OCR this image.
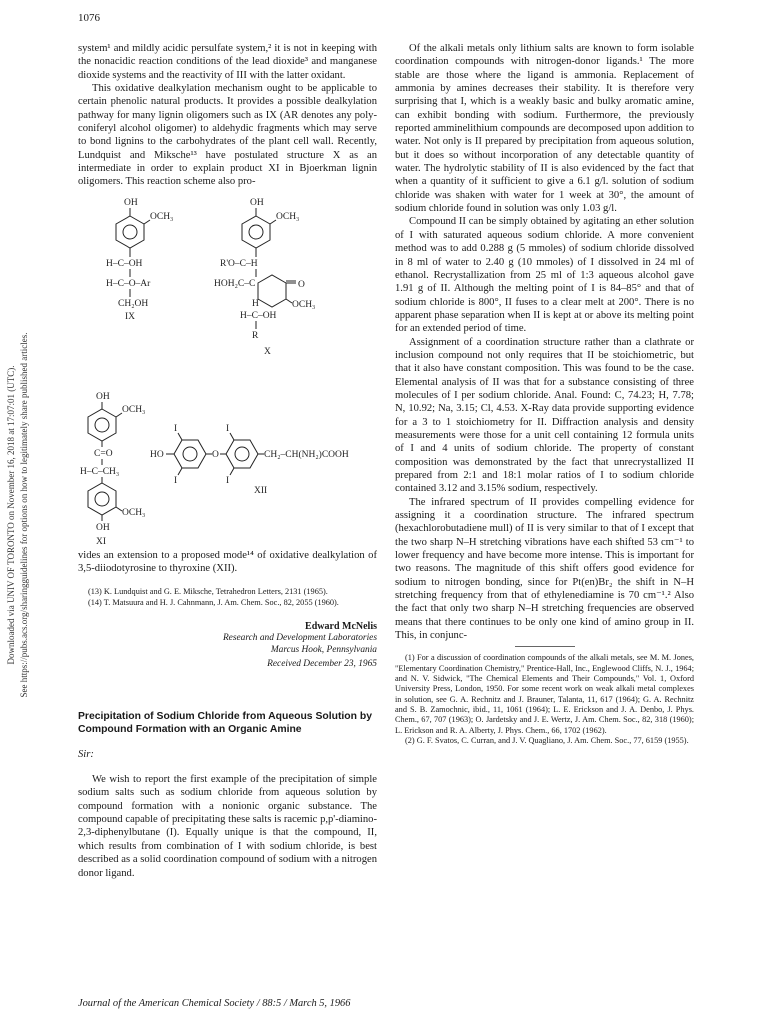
1076
Downloaded via UNIV OF TORONTO on November 16, 2018 at 17:07:01 (UTC). See https://pubs.acs.org/sharingguidelines for options on how to legitimately share published articles.

system¹ and mildly acidic persulfate system,² it is not in keeping with the nonacidic reaction conditions of the lead dioxide³ and manganese dioxide systems and the reactivity of III with the latter oxidant.

This oxidative dealkylation mechanism ought to be applicable to certain phenolic natural products. It provides a possible dealkylation pathway for many lignin oligomers such as IX (AR denotes any poly-coniferyl alcohol oligomer) to aldehydic fragments which may serve to bond lignins to the carbohydrates of the plant cell wall. Recently, Lundquist and Miksche¹³ have postulated structure X as an intermediate in order to explain product XI in Bjoerkman lignin oligomers. This reaction scheme also pro-

OH
OCH₃
H–C–OH
H–C–O–Ar
CH₂OH
IX
OH
OCH₃
R'O–C–H
HOH₂C–C	O
H	OCH₃
H–C–OH
R
X
OH
OCH₃
C=O
H–C–CH₃
OCH₃
OH
XI
HO
I
I
O
I
I
CH₂–CH(NH₂)COOH
XII

vides an extension to a proposed mode¹⁴ of oxidative dealkylation of 3,5-diiodotyrosine to thyroxine (XII).

(13) K. Lundquist and G. E. Miksche, Tetrahedron Letters, 2131 (1965).

(14) T. Matsuura and H. J. Cahnmann, J. Am. Chem. Soc., 82, 2055 (1960).

Edward McNelis
Research and Development Laboratories
Marcus Hook, Pennsylvania
Received December 23, 1965
Precipitation of Sodium Chloride from Aqueous Solution by Compound Formation with an Organic Amine
Sir:

We wish to report the first example of the precipitation of simple sodium salts such as sodium chloride from aqueous solution by compound formation with a nonionic organic substance. The compound capable of precipitating these salts is racemic p,p'-diamino-2,3-diphenylbutane (I). Equally unique is that the compound, II, which results from combination of I with sodium chloride, is best described as a solid coordination compound of sodium with a nitrogen donor ligand.

Of the alkali metals only lithium salts are known to form isolable coordination compounds with nitrogen-donor ligands.¹ The more stable are those where the ligand is ammonia. Replacement of ammonia by amines decreases their stability. It is therefore very surprising that I, which is a weakly basic and bulky aromatic amine, can exhibit bonding with sodium. Furthermore, the previously reported amminelithium compounds are decomposed upon addition to water. Not only is II prepared by precipitation from aqueous solution, but it does so without incorporation of any detectable quantity of water. The hydrolytic stability of II is also evidenced by the fact that when a quantity of it sufficient to give a 6.1 g/l. solution of sodium chloride was shaken with water for 1 week at 30°, the amount of sodium chloride found in solution was only 1.03 g/l.

Compound II can be simply obtained by agitating an ether solution of I with saturated aqueous sodium chloride. A more convenient method was to add 0.288 g (5 mmoles) of sodium chloride dissolved in 8 ml of water to 2.40 g (10 mmoles) of I dissolved in 24 ml of ethanol. Recrystallization from 25 ml of 1:3 aqueous alcohol gave 1.91 g of II. Although the melting point of I is 84–85° and that of sodium chloride is 800°, II fuses to a clear melt at 200°. There is no apparent phase separation when II is kept at or above its melting point for an extended period of time.

Assignment of a coordination structure rather than a clathrate or inclusion compound not only requires that II be stoichiometric, but that it also have constant composition. This was found to be the case. Elemental analysis of II was that for a substance consisting of three molecules of I per sodium chloride. Anal. Found: C, 74.23; H, 7.78; N, 10.92; Na, 3.15; Cl, 4.53. X-Ray data provide supporting evidence for a 3 to 1 stoichiometry for II. Diffraction analysis and density measurements were those for a unit cell containing 12 formula units of I and 4 units of sodium chloride. The property of constant composition was demonstrated by the fact that unrecrystallized II prepared from 2:1 and 18:1 molar ratios of I to sodium chloride contained 3.12 and 3.15% sodium, respectively.

The infrared spectrum of II provides compelling evidence for assigning it a coordination structure. The infrared spectrum (hexachlorobutadiene mull) of II is very similar to that of I except that the two sharp N–H stretching vibrations have each shifted 53 cm⁻¹ to lower frequency and have become more intense. This is important for two reasons. The magnitude of this shift offers good evidence for sodium to nitrogen bonding, since for Pt(en)Br₂ the shift in N–H stretching frequency from that of ethylenediamine is 70 cm⁻¹.² Also the fact that only two sharp N–H stretching frequencies are observed means that there continues to be only one kind of amino group in II. This, in conjunc-

(1) For a discussion of coordination compounds of the alkali metals, see M. M. Jones, "Elementary Coordination Chemistry," Prentice-Hall, Inc., Englewood Cliffs, N. J., 1964; and N. V. Sidwick, "The Chemical Elements and Their Compounds," Vol. 1, Oxford University Press, London, 1950. For some recent work on weak alkali metal complexes in solution, see G. A. Rechnitz and J. Brauner, Talanta, 11, 617 (1964); G. A. Rechnitz and S. B. Zamochnic, ibid., 11, 1061 (1964); L. E. Erickson and J. A. Denbo, J. Phys. Chem., 67, 707 (1963); O. Jardetsky and J. E. Wertz, J. Am. Chem. Soc., 82, 318 (1960); L. Erickson and R. A. Alberty, J. Phys. Chem., 66, 1702 (1962).

(2) G. F. Svatos, C. Curran, and J. V. Quagliano, J. Am. Chem. Soc., 77, 6159 (1955).

Journal of the American Chemical Society / 88:5 / March 5, 1966
